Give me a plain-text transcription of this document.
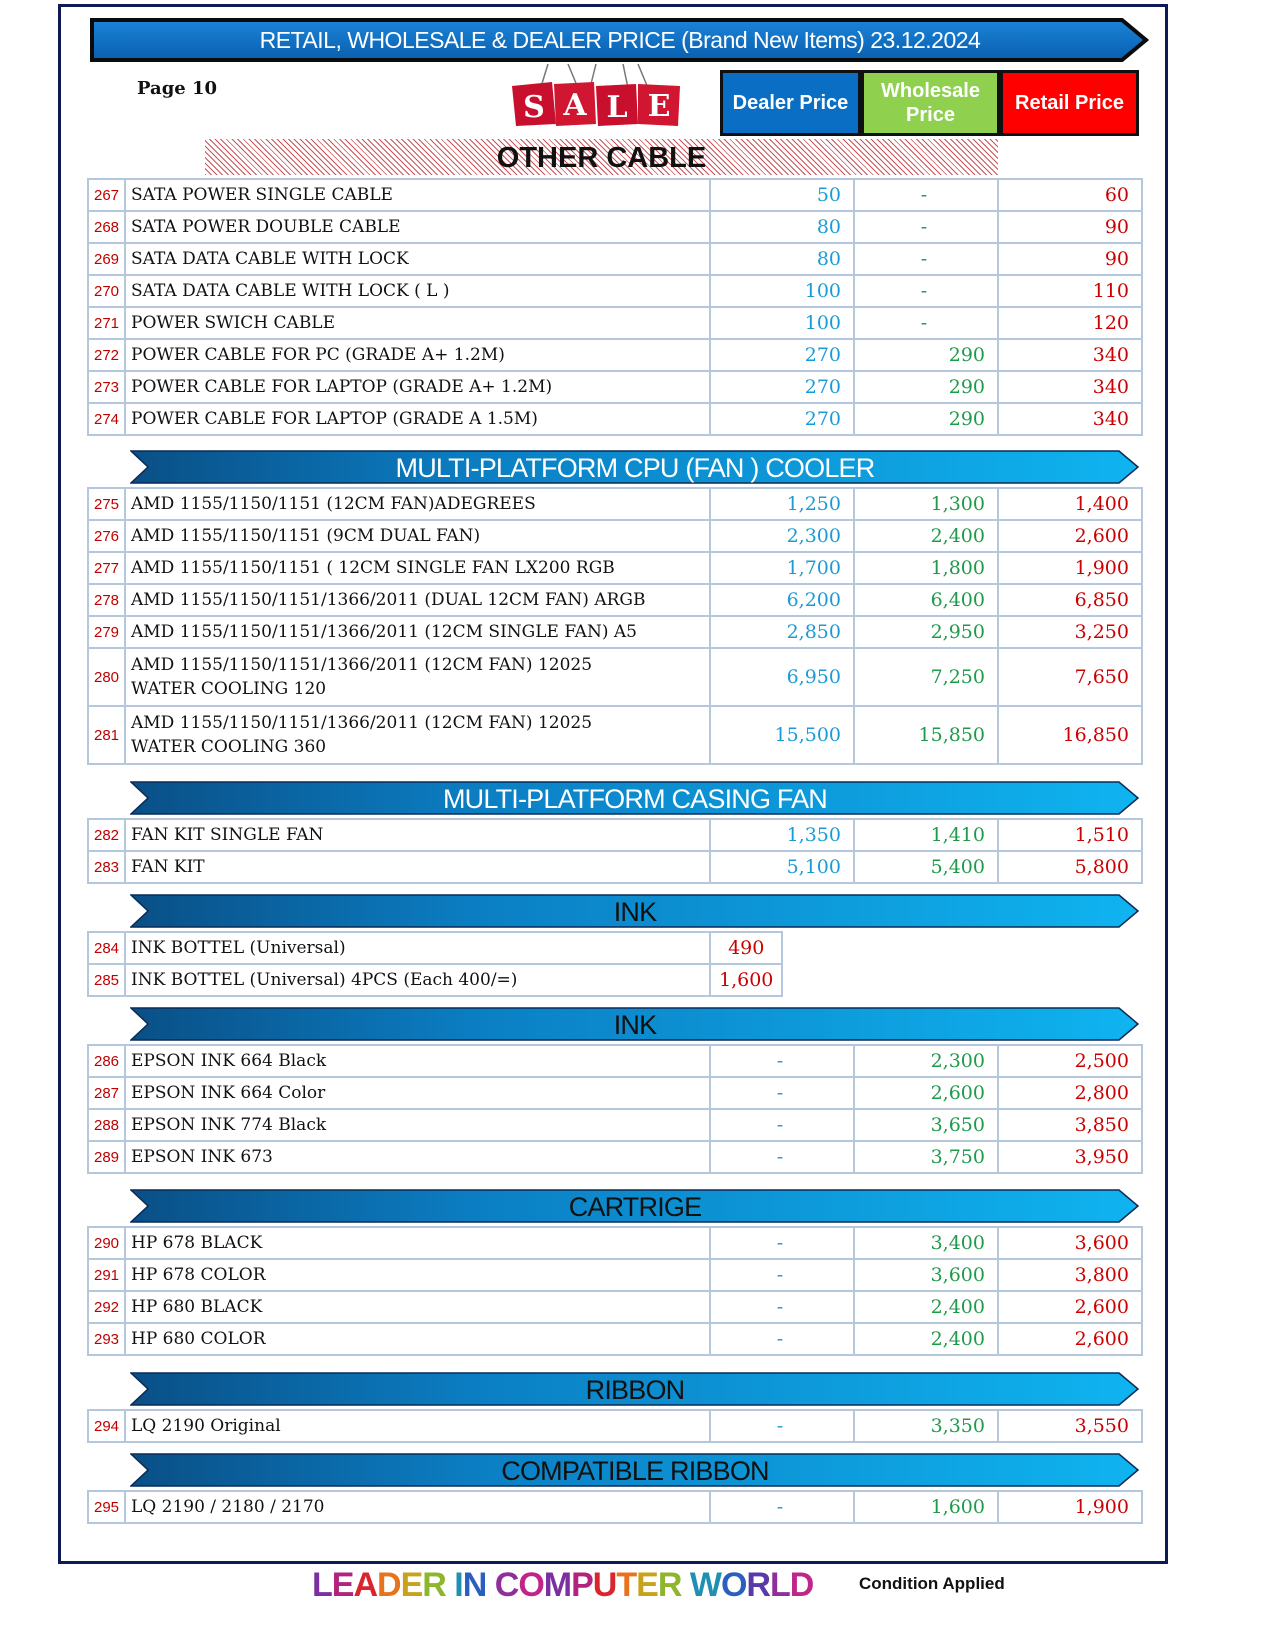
RETAIL, WHOLESALE & DEALER PRICE (Brand New Items) 23.12.2024
Page 10
S A L E	Dealer Price
Wholesale Price
Retail Price
OTHER CABLE
267	SATA POWER SINGLE CABLE	50	-	60
268	SATA POWER DOUBLE CABLE	80	-	90
269	SATA DATA CABLE WITH LOCK	80	-	90
270	SATA DATA CABLE WITH LOCK ( L )	100	-	110
271	POWER SWICH CABLE	100	-	120
272	POWER CABLE FOR PC (GRADE A+ 1.2M)	270	290	340
273	POWER CABLE FOR LAPTOP (GRADE A+ 1.2M)	270	290	340
274	POWER CABLE FOR LAPTOP (GRADE A 1.5M)	270	290	340
MULTI-PLATFORM CPU (FAN ) COOLER
275	AMD 1155/1150/1151 (12CM FAN)ADEGREES	1,250	1,300	1,400
276	AMD 1155/1150/1151 (9CM DUAL FAN)	2,300	2,400	2,600
277	AMD 1155/1150/1151 ( 12CM SINGLE FAN LX200 RGB	1,700	1,800	1,900
278	AMD 1155/1150/1151/1366/2011 (DUAL 12CM FAN) ARGB	6,200	6,400	6,850
279	AMD 1155/1150/1151/1366/2011 (12CM SINGLE FAN) A5	2,850	2,950	3,250
280	AMD 1155/1150/1151/1366/2011 (12CM FAN) 12025
WATER COOLING 120	6,950	7,250	7,650
281	AMD 1155/1150/1151/1366/2011 (12CM FAN) 12025
WATER COOLING 360	15,500	15,850	16,850
MULTI-PLATFORM CASING FAN
282	FAN KIT SINGLE FAN	1,350	1,410	1,510
283	FAN KIT	5,100	5,400	5,800
INK
284	INK BOTTEL (Universal)	490
285	INK BOTTEL (Universal) 4PCS (Each 400/=)	1,600
INK
286	EPSON INK 664 Black	-	2,300	2,500
287	EPSON INK 664 Color	-	2,600	2,800
288	EPSON INK 774 Black	-	3,650	3,850
289	EPSON INK 673	-	3,750	3,950
CARTRIGE
290	HP 678 BLACK	-	3,400	3,600
291	HP 678 COLOR	-	3,600	3,800
292	HP 680 BLACK	-	2,400	2,600
293	HP 680 COLOR	-	2,400	2,600
RIBBON
294	LQ 2190 Original	-	3,350	3,550
COMPATIBLE RIBBON
295	LQ 2190 / 2180 / 2170	-	1,600	1,900
LEADER IN COMPUTER WORLD	Condition Applied
